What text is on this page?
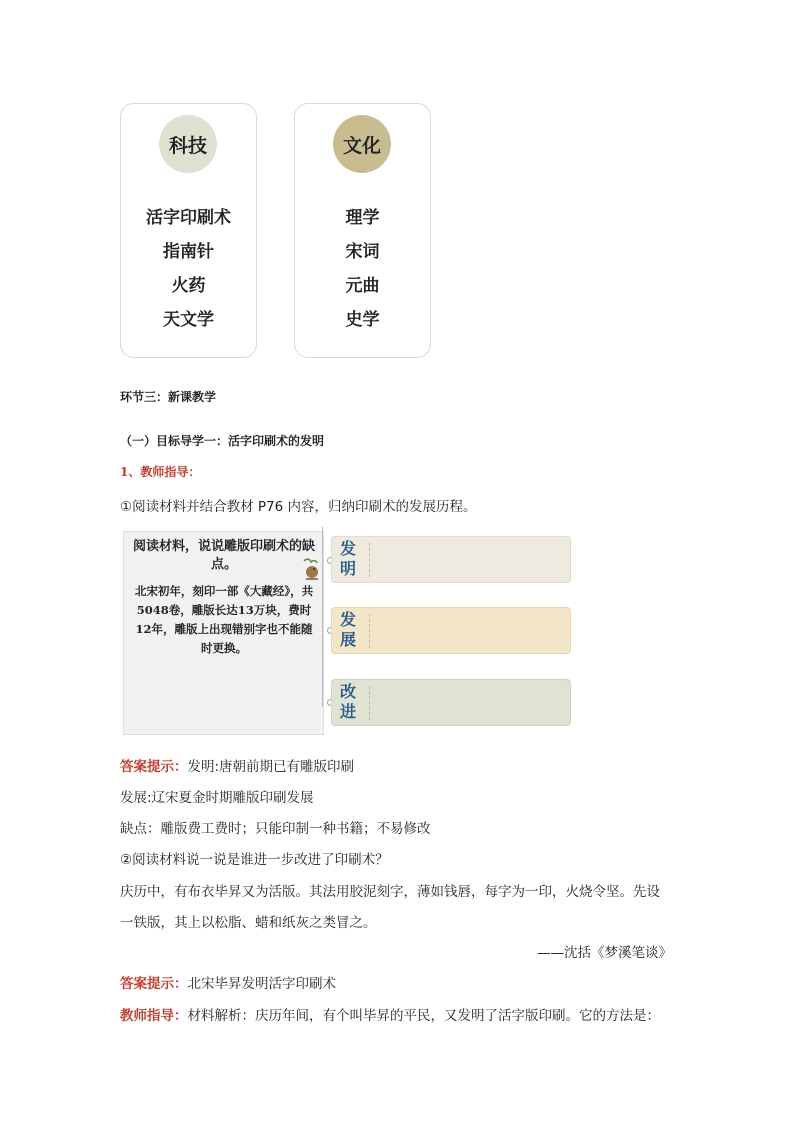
科技
活字印刷术
指南针
火药
天文学
文化
理学
宋词
元曲
史学
环节三：新课教学
（一）目标导学一：活字印刷术的发明
1、教师指导：
①阅读材料并结合教材 P76 内容，归纳印刷术的发展历程。
阅读材料，说说雕版印刷术的缺点。
北宋初年，刻印一部《大藏经》，共5048卷，雕版长达13万块，费时12年，雕版上出现错别字也不能随时更换。
发
明
发
展
改
进
答案提示：发明:唐朝前期已有雕版印刷
发展:辽宋夏金时期雕版印刷发展
缺点：雕版费工费时；只能印制一种书籍；不易修改
②阅读材料说一说是谁进一步改进了印刷术？
庆历中，有布衣毕昇又为活版。其法用胶泥刻字，薄如钱唇，每字为一印，火烧令坚。先设
一铁版，其上以松脂、蜡和纸灰之类冒之。
——沈括《梦溪笔谈》
答案提示：北宋毕昇发明活字印刷术
教师指导：材料解析：庆历年间，有个叫毕昇的平民，又发明了活字版印刷。它的方法是：
